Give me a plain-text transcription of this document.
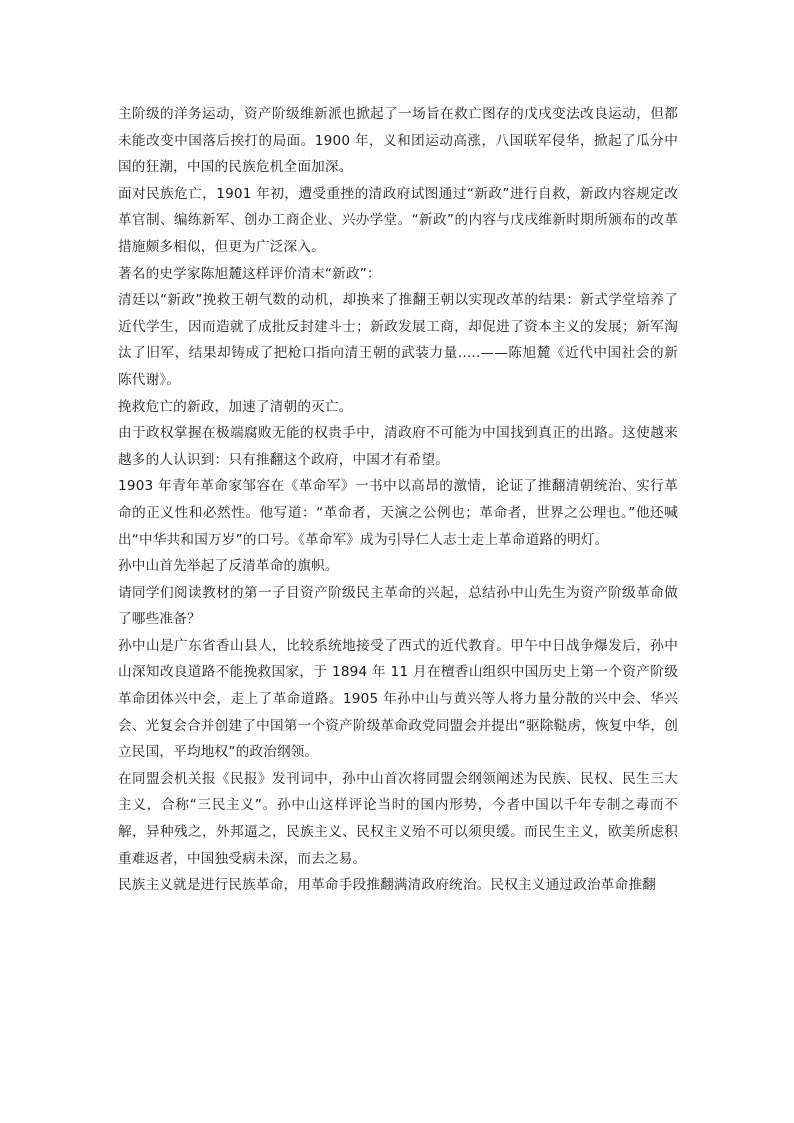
主阶级的洋务运动，资产阶级维新派也掀起了一场旨在救亡图存的戊戌变法改良运动，但都未能改变中国落后挨打的局面。1900 年，义和团运动高涨，八国联军侵华，掀起了瓜分中国的狂潮，中国的民族危机全面加深。

面对民族危亡，1901 年初，遭受重挫的清政府试图通过“新政”进行自救，新政内容规定改革官制、编练新军、创办工商企业、兴办学堂。“新政”的内容与戊戌维新时期所颁布的改革措施颇多相似，但更为广泛深入。

著名的史学家陈旭麓这样评价清末“新政”：

清廷以“新政”挽救王朝气数的动机，却换来了推翻王朝以实现改革的结果：新式学堂培养了近代学生，因而造就了成批反封建斗士；新政发展工商，却促进了资本主义的发展；新军淘汰了旧军，结果却铸成了把枪口指向清王朝的武装力量.....——陈旭麓《近代中国社会的新陈代谢》。

挽救危亡的新政，加速了清朝的灭亡。

由于政权掌握在极端腐败无能的权贵手中，清政府不可能为中国找到真正的出路。这使越来越多的人认识到：只有推翻这个政府，中国才有希望。

1903 年青年革命家邹容在《革命军》一书中以高昂的激情，论证了推翻清朝统治、实行革命的正义性和必然性。他写道：“革命者，天演之公例也；革命者，世界之公理也。”他还喊出“中华共和国万岁”的口号。《革命军》成为引导仁人志士走上革命道路的明灯。

孙中山首先举起了反清革命的旗帜。

请同学们阅读教材的第一子目资产阶级民主革命的兴起，总结孙中山先生为资产阶级革命做了哪些准备？

孙中山是广东省香山县人，比较系统地接受了西式的近代教育。甲午中日战争爆发后，孙中山深知改良道路不能挽救国家，于 1894 年 11 月在檀香山组织中国历史上第一个资产阶级革命团体兴中会，走上了革命道路。1905 年孙中山与黄兴等人将力量分散的兴中会、华兴会、光复会合并创建了中国第一个资产阶级革命政党同盟会并提出“驱除鞑虏，恢复中华，创立民国，平均地权”的政治纲领。

在同盟会机关报《民报》发刊词中，孙中山首次将同盟会纲领阐述为民族、民权、民生三大主义，合称“三民主义”。孙中山这样评论当时的国内形势，今者中国以千年专制之毒而不解，异种残之，外邦逼之，民族主义、民权主义殆不可以须臾缓。而民生主义，欧美所虑积重难返者，中国独受病未深，而去之易。

民族主义就是进行民族革命，用革命手段推翻满清政府统治。民权主义通过政治革命推翻
